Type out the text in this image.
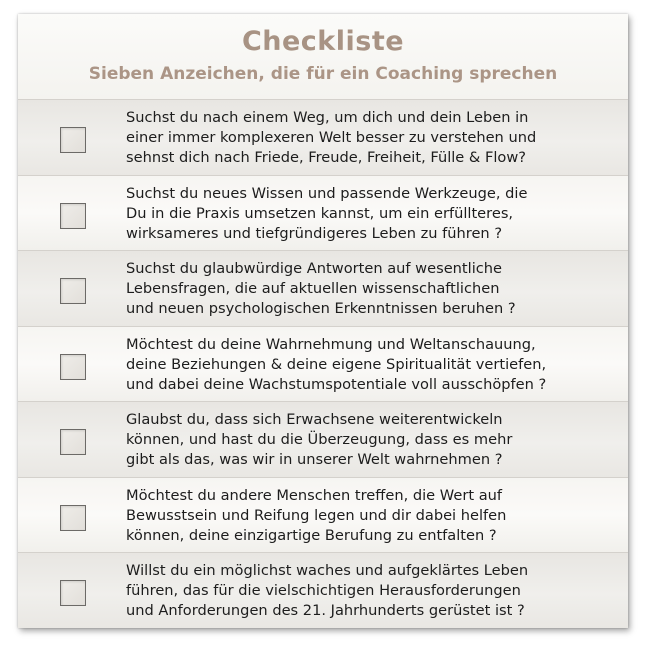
Checkliste
Sieben Anzeichen, die für ein Coaching sprechen
Suchst du nach einem Weg, um dich und dein Leben in
einer immer komplexeren Welt besser zu verstehen und
sehnst dich nach Friede, Freude, Freiheit, Fülle & Flow?
Suchst du neues Wissen und passende Werkzeuge, die
Du in die Praxis umsetzen kannst, um ein erfüllteres,
wirksameres und tiefgründigeres Leben zu führen ?
Suchst du glaubwürdige Antworten auf wesentliche
Lebensfragen, die auf aktuellen wissenschaftlichen
und neuen psychologischen Erkenntnissen beruhen ?
Möchtest du deine Wahrnehmung und Weltanschauung,
deine Beziehungen & deine eigene Spiritualität vertiefen,
und dabei deine Wachstumspotentiale voll ausschöpfen ?
Glaubst du, dass sich Erwachsene weiterentwickeln
können, und hast du die Überzeugung, dass es mehr
gibt als das, was wir in unserer Welt wahrnehmen ?
Möchtest du andere Menschen treffen, die Wert auf
Bewusstsein und Reifung legen und dir dabei helfen
können, deine einzigartige Berufung zu entfalten ?
Willst du ein möglichst waches und aufgeklärtes Leben
führen, das für die vielschichtigen Herausforderungen
und Anforderungen des 21. Jahrhunderts gerüstet ist ?
